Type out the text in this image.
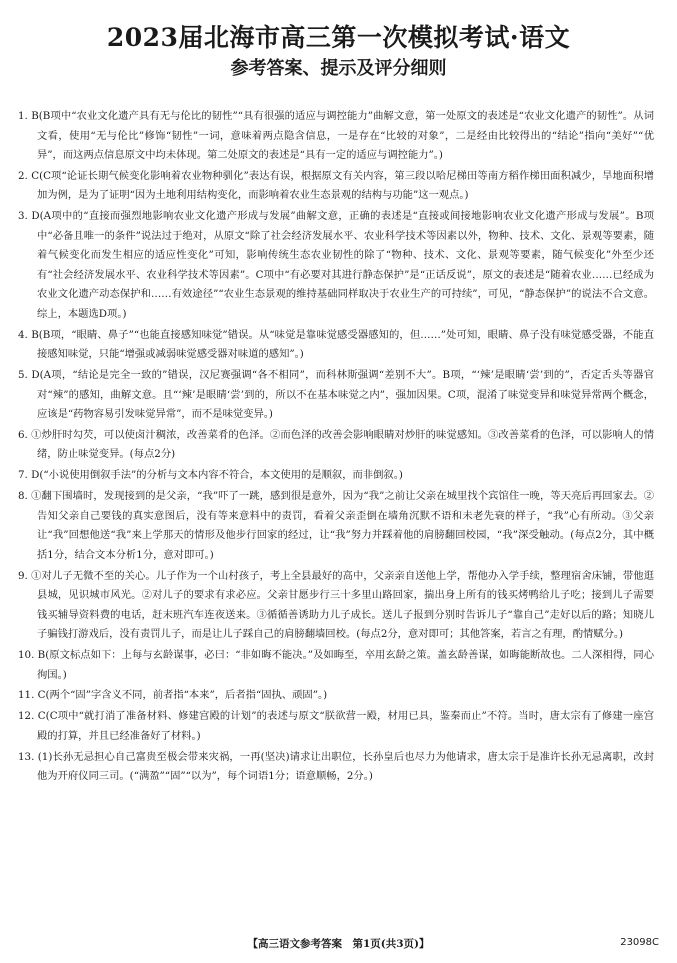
2023届北海市高三第一次模拟考试·语文
参考答案、提示及评分细则

1. B(B项中“农业文化遗产具有无与伦比的韧性”“具有很强的适应与调控能力”曲解文意，第一处原文的表述是“农业文化遗产的韧性”。从词文看，使用“无与伦比”修饰“韧性”一词，意味着两点隐含信息，一是存在“比较的对象”，二是经由比较得出的“结论”指向“美好”“优异”，而这两点信息原文中均未体现。第二处原文的表述是“具有一定的适应与调控能力”。)

2. C(C项“论证长期气候变化影响着农业物种驯化”表达有误，根据原文有关内容，第三段以哈尼梯田等南方稻作梯田面积减少，旱地面积增加为例，是为了证明“因为土地利用结构变化，而影响着农业生态景观的结构与功能”这一观点。)

3. D(A项中的“直接而强烈地影响农业文化遗产形成与发展”曲解文意，正确的表述是“直接或间接地影响农业文化遗产形成与发展”。B项中“必备且唯一的条件”说法过于绝对，从原文“除了社会经济发展水平、农业科学技术等因素以外，物种、技术、文化、景观等要素，随着气候变化而发生相应的适应性变化”可知，影响传统生态农业韧性的除了“物种、技术、文化、景观等要素，随气候变化”外至少还有“社会经济发展水平、农业科学技术等因素”。C项中“有必要对其进行静态保护”是“正话反说”，原文的表述是“随着农业……已经成为农业文化遗产动态保护和……有效途径”“农业生态景观的维持基础同样取决于农业生产的可持续”，可见，“静态保护”的说法不合文意。综上，本题选D项。)

4. B(B项，“眼睛、鼻子”“也能直接感知味觉”错误。从“味觉是靠味觉感受器感知的，但……”处可知，眼睛、鼻子没有味觉感受器，不能直接感知味觉，只能“增强或减弱味觉感受器对味道的感知”。)

5. D(A项，“结论是完全一致的”错误，汉尼赛强调“各不相同”，而科林斯强调“差别不大”。B项，“‘辣’是眼睛‘尝’到的”，否定舌头等器官对“辣”的感知，曲解文意。且“‘辣’是眼睛‘尝’到的，所以不在基本味觉之内”，强加因果。C项，混淆了味觉变异和味觉异常两个概念，应该是“药物容易引发味觉异常”，而不是味觉变异。)

6. ①炒肝时勾芡，可以使卤汁稠浓，改善菜肴的色泽。②而色泽的改善会影响眼睛对炒肝的味觉感知。③改善菜肴的色泽，可以影响人的情绪，防止味觉变异。(每点2分)

7. D(“小说使用倒叙手法”的分析与文本内容不符合，本文使用的是顺叙，而非倒叙。)

8. ①翻下围墙时，发现接到的是父亲，“我”吓了一跳，感到很是意外，因为“我”之前让父亲在城里找个宾馆住一晚，等天亮后再回家去。②告知父亲自己要钱的真实意图后，没有等来意料中的责罚，看着父亲歪倒在墙角沉默不语和未老先衰的样子，“我”心有所动。③父亲让“我”回想他送“我”来上学那天的情形及他步行回家的经过，让“我”努力并踩着他的肩膀翻回校园，“我”深受触动。(每点2分，其中概括1分，结合文本分析1分，意对即可。)

9. ①对儿子无微不至的关心。儿子作为一个山村孩子，考上全县最好的高中，父亲亲自送他上学，帮他办入学手续，整理宿舍床铺，带他逛县城，见识城市风光。②对儿子的要求有求必应。父亲甘愿步行三十多里山路回家，揣出身上所有的钱买烤鸭给儿子吃；接到儿子需要钱买辅导资料费的电话，赶末班汽车连夜送来。③循循善诱助力儿子成长。送儿子报到分别时告诉儿子“靠自己”走好以后的路；知晓儿子骗钱打游戏后，没有责罚儿子，而是让儿子踩自己的肩膀翻墙回校。(每点2分，意对即可；其他答案，若言之有理，酌情赋分。)

10. B(原文标点如下：上每与玄龄谋事，必曰：“非如晦不能决。”及如晦至，卒用玄龄之策。盖玄龄善谋，如晦能断故也。二人深相得，同心徇国。)

11. C(两个“固”字含义不同，前者指“本来”，后者指“固执、顽固”。)

12. C(C项中“就打消了准备材料、修建宫殿的计划”的表述与原文“朕欲营一殿，材用已具，鉴秦而止”不符。当时，唐太宗有了修建一座宫殿的打算，并且已经准备好了材料。)

13. (1)长孙无忌担心自己富贵至极会带来灾祸，一再(坚决)请求让出职位，长孙皇后也尽力为他请求，唐太宗于是准许长孙无忌离职，改封他为开府仪同三司。(“满盈”“固”“以为”，每个词语1分；语意顺畅，2分。)

【高三语文参考答案　第1页(共3页)】	23098C
